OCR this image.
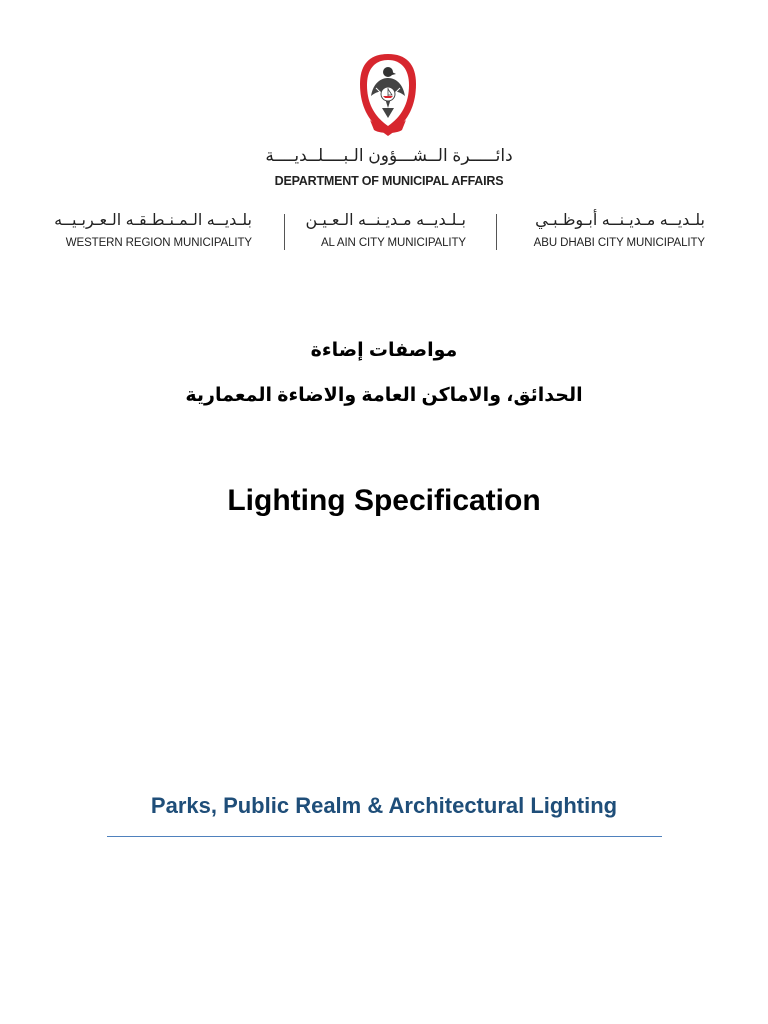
دائـــــرة الــشـــؤون الـبــــلــديــــة
DEPARTMENT OF MUNICIPAL AFFAIRS
بلـديــه الـمـنـطـقـه الـعـربـيــه
WESTERN REGION MUNICIPALITY
بـلـديــه مـديـنــه الـعـيـن
AL AIN CITY MUNICIPALITY
بلـديــه مـديـنــه أبـوظـبـي
ABU DHABI CITY MUNICIPALITY
مواصفات إضاءة
الحدائق، والاماكن العامة والاضاءة المعمارية
Lighting Specification
Parks, Public Realm & Architectural Lighting
